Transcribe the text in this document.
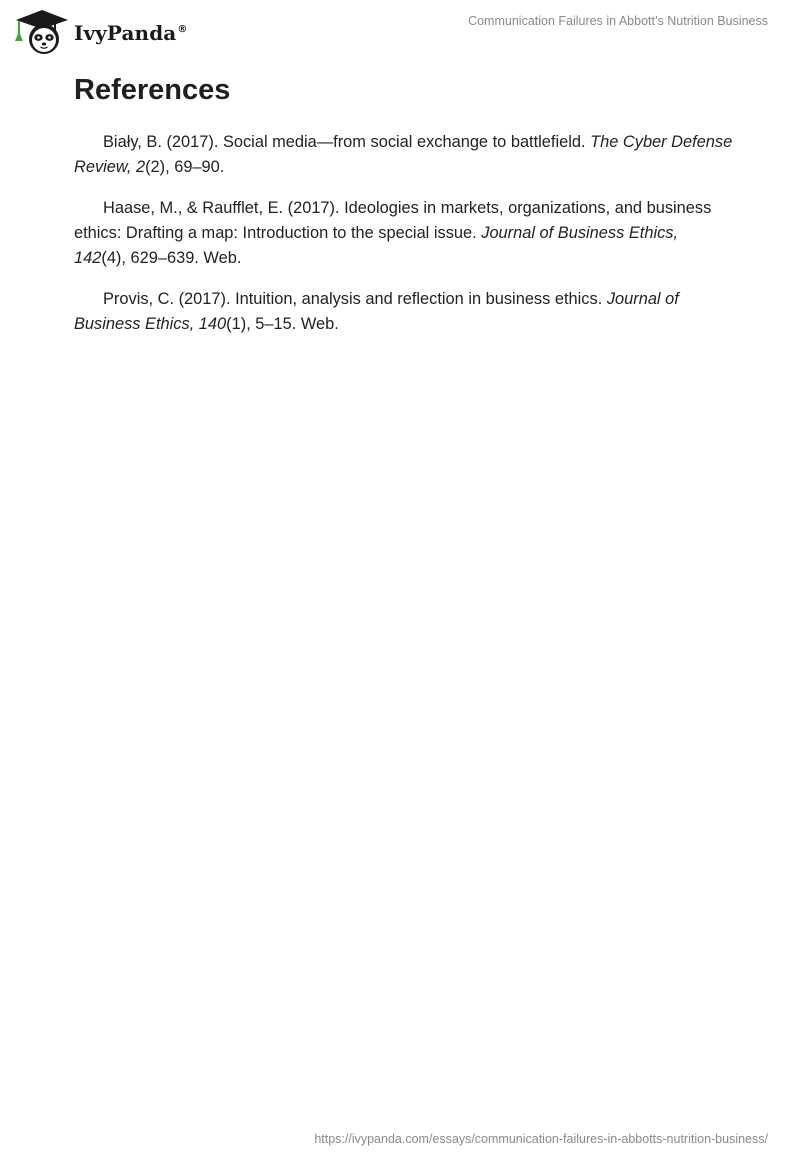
IvyPanda®
Communication Failures in Abbott’s Nutrition Business
References

Biały, B. (2017). Social media—from social exchange to battlefield. The Cyber Defense Review, 2(2), 69–90.

Haase, M., & Raufflet, E. (2017). Ideologies in markets, organizations, and business ethics: Drafting a map: Introduction to the special issue. Journal of Business Ethics, 142(4), 629–639. Web.

Provis, C. (2017). Intuition, analysis and reflection in business ethics. Journal of Business Ethics, 140(1), 5–15. Web.

https://ivypanda.com/essays/communication-failures-in-abbotts-nutrition-business/
